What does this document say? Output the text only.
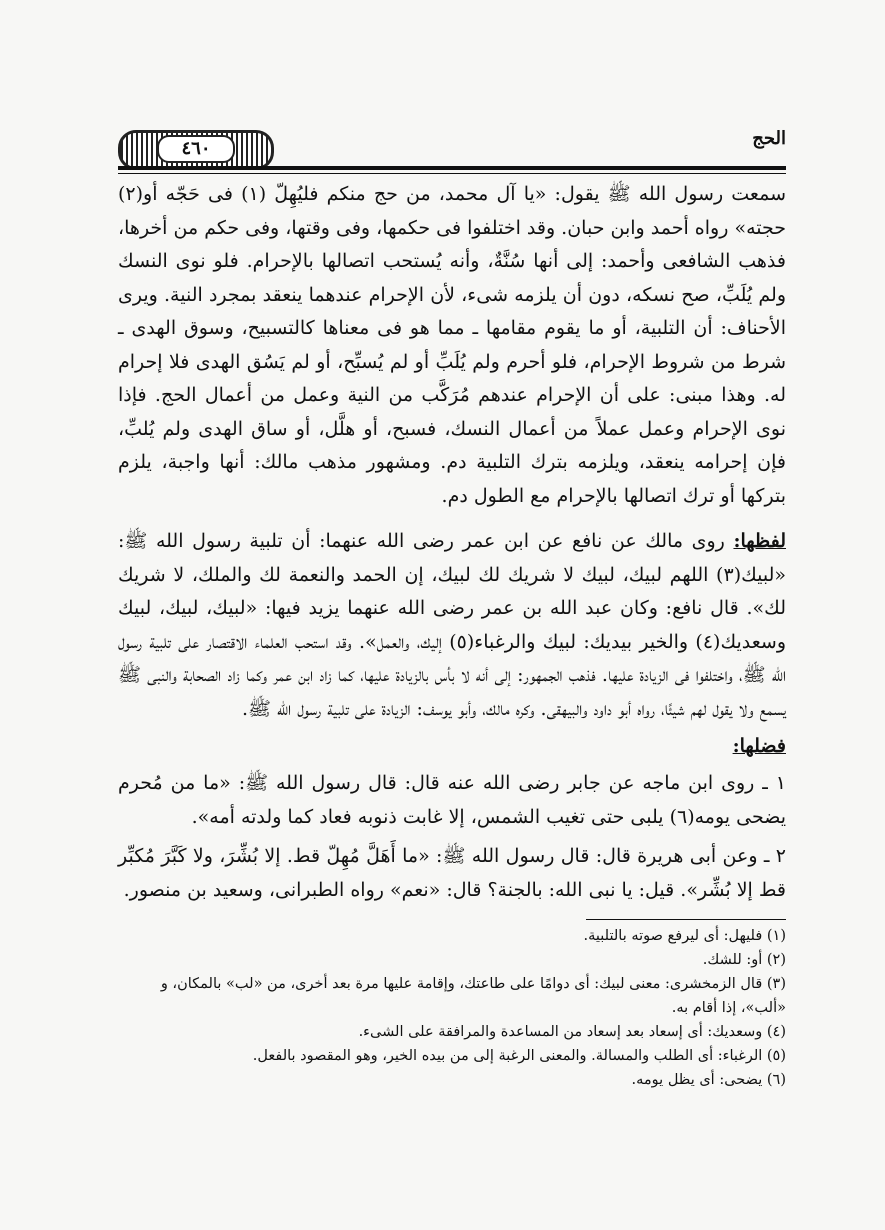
الحج
٤٦٠

سمعت رسول الله ﷺ يقول: «يا آل محمد، من حج منكم فليُهِلّ (١) فى حَجّه أو(٢) حجته» رواه أحمد وابن حبان. وقد اختلفوا فى حكمها، وفى وقتها، وفى حكم من أخرها، فذهب الشافعى وأحمد: إلى أنها سُنَّةٌ، وأنه يُستحب اتصالها بالإحرام. فلو نوى النسك ولم يُلَبِّ، صح نسكه، دون أن يلزمه شىء، لأن الإحرام عندهما ينعقد بمجرد النية. ويرى الأحناف: أن التلبية، أو ما يقوم مقامها ـ مما هو فى معناها كالتسبيح، وسوق الهدى ـ شرط من شروط الإحرام، فلو أحرم ولم يُلَبِّ أو لم يُسبِّح، أو لم يَسُق الهدى فلا إحرام له. وهذا مبنى: على أن الإحرام عندهم مُرَكَّب من النية وعمل من أعمال الحج. فإذا نوى الإحرام وعمل عملاً من أعمال النسك، فسبح، أو هلَّل، أو ساق الهدى ولم يُلبِّ، فإن إحرامه ينعقد، ويلزمه بترك التلبية دم. ومشهور مذهب مالك: أنها واجبة، يلزم بتركها أو ترك اتصالها بالإحرام مع الطول دم.

لفظها: روى مالك عن نافع عن ابن عمر رضى الله عنهما: أن تلبية رسول الله ﷺ: «لبيك(٣) اللهم لبيك، لبيك لا شريك لك لبيك، إن الحمد والنعمة لك والملك، لا شريك لك». قال نافع: وكان عبد الله بن عمر رضى الله عنهما يزيد فيها: «لبيك، لبيك، لبيك وسعديك(٤) والخير بيديك: لبيك والرغباء(٥) إليك، والعمل». وقد استحب العلماء الاقتصار على تلبية رسول الله ﷺ، واختلفوا فى الزيادة عليها. فذهب الجمهور: إلى أنه لا بأس بالزيادة عليها، كما زاد ابن عمر وكما زاد الصحابة والنبى ﷺ يسمع ولا يقول لهم شيئًا، رواه أبو داود والبيهقى. وكره مالك، وأبو يوسف: الزيادة على تلبية رسول الله ﷺ.

فضلها:

١ ـ روى ابن ماجه عن جابر رضى الله عنه قال: قال رسول الله ﷺ: «ما من مُحرم يضحى يومه(٦) يلبى حتى تغيب الشمس، إلا غابت ذنوبه فعاد كما ولدته أمه».

٢ ـ وعن أبى هريرة قال: قال رسول الله ﷺ: «ما أَهَلَّ مُهِلّ قط. إلا بُشِّرَ، ولا كَبَّرَ مُكبِّر قط إلا بُشِّر». قيل: يا نبى الله: بالجنة؟ قال: «نعم» رواه الطبرانى، وسعيد بن منصور.

(١) فليهل: أى ليرفع صوته بالتلبية.

(٢) أو: للشك.

(٣) قال الزمخشرى: معنى لبيك: أى دوامًا على طاعتك، وإقامة عليها مرة بعد أخرى، من «لب» بالمكان، و «ألب»، إذا أقام به.

(٤) وسعديك: أى إسعاد بعد إسعاد من المساعدة والمرافقة على الشىء.

(٥) الرغباء: أى الطلب والمسالة. والمعنى الرغبة إلى من بيده الخير، وهو المقصود بالفعل.

(٦) يضحى: أى يظل يومه.
